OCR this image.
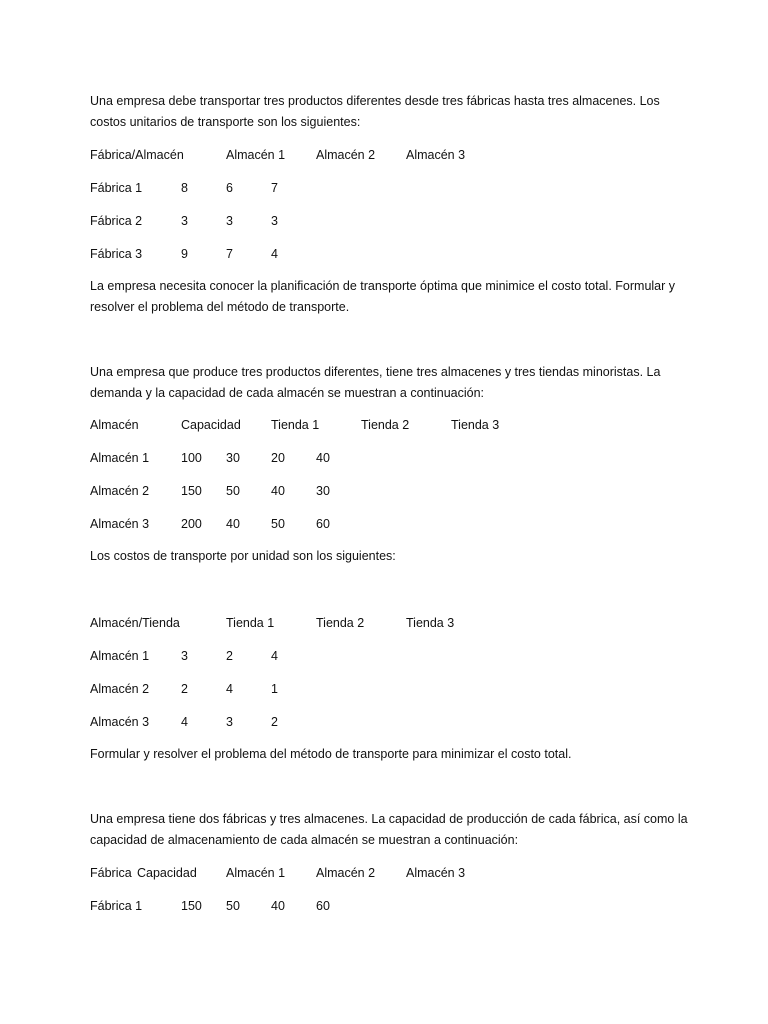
Una empresa debe transportar tres productos diferentes desde tres fábricas hasta tres almacenes. Los costos unitarios de transporte son los siguientes:

Fábrica/Almacén	Almacén 1 Almacén 2 Almacén 3
Fábrica 1	8	6	7
Fábrica 2	3	3	3
Fábrica 3	9	7	4

La empresa necesita conocer la planificación de transporte óptima que minimice el costo total. Formular y resolver el problema del método de transporte.

Una empresa que produce tres productos diferentes, tiene tres almacenes y tres tiendas minoristas. La demanda y la capacidad de cada almacén se muestran a continuación:

Almacén	Capacidad Tienda 1	Tienda 2	Tienda 3
Almacén 1	100 30 20 40
Almacén 2	150 50 40 30
Almacén 3	200 40 50 60

Los costos de transporte por unidad son los siguientes:

Almacén/Tienda	Tienda 1	Tienda 2	Tienda 3
Almacén 1	3	2	4
Almacén 2	2	4	1
Almacén 3	4	3	2

Formular y resolver el problema del método de transporte para minimizar el costo total.

Una empresa tiene dos fábricas y tres almacenes. La capacidad de producción de cada fábrica, así como la capacidad de almacenamiento de cada almacén se muestran a continuación:

Fábrica Capacidad Almacén 1 Almacén 2 Almacén 3
Fábrica 1	150 50 40 60
